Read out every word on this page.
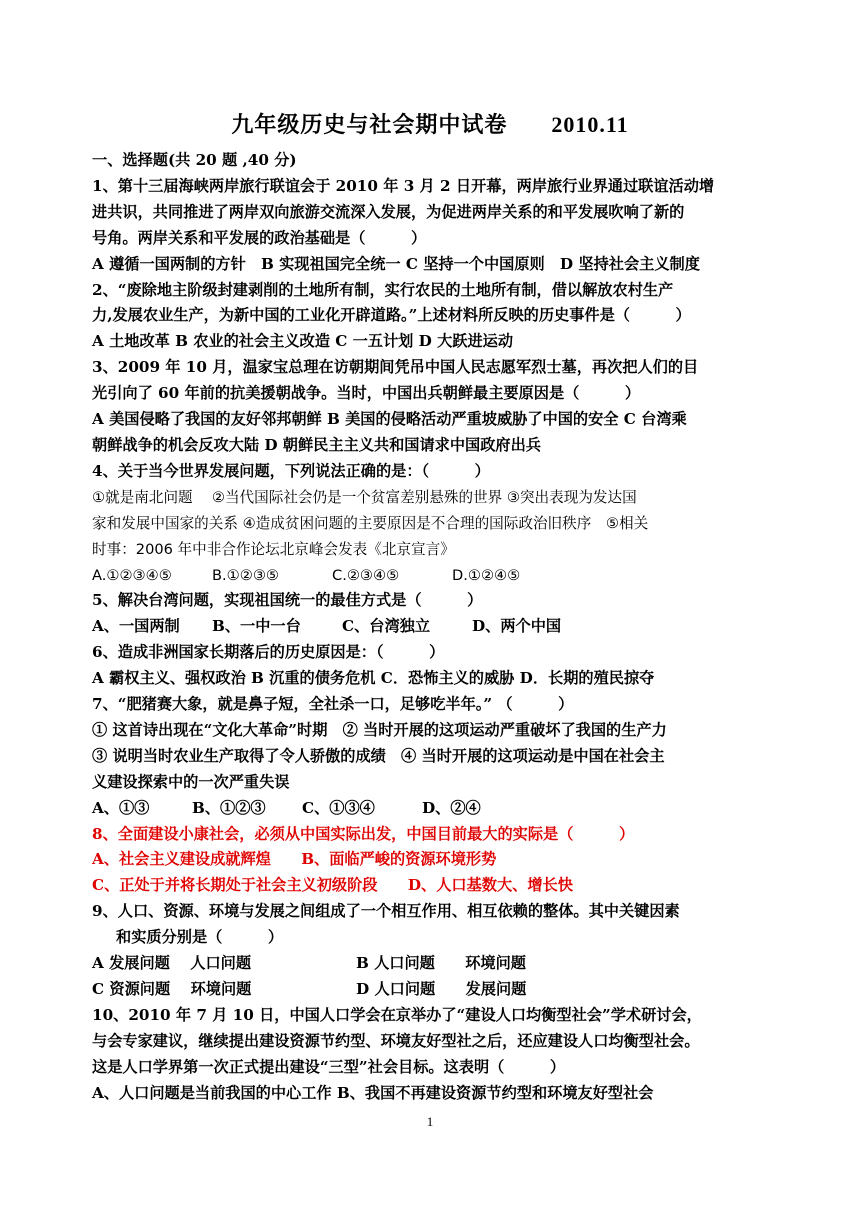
九年级历史与社会期中试卷 2010.11

一、选择题(共 20 题 ,40 分)

1、第十三届海峡两岸旅行联谊会于 2010 年 3 月 2 日开幕，两岸旅行业界通过联谊活动增

进共识，共同推进了两岸双向旅游交流深入发展，为促进两岸关系的和平发展吹响了新的

号角。两岸关系和平发展的政治基础是（　　　）

A 遵循一国两制的方针　B 实现祖国完全统一 C 坚持一个中国原则　D 坚持社会主义制度

2、“废除地主阶级封建剥削的土地所有制，实行农民的土地所有制，借以解放农村生产

力,发展农业生产，为新中国的工业化开辟道路。”上述材料所反映的历史事件是（　　　）

A 土地改革 B 农业的社会主义改造 C 一五计划 D 大跃进运动

3、2009 年 10 月，温家宝总理在访朝期间凭吊中国人民志愿军烈士墓，再次把人们的目

光引向了 60 年前的抗美援朝战争。当时，中国出兵朝鲜最主要原因是（　　　）

A 美国侵略了我国的友好邻邦朝鲜 B 美国的侵略活动严重坡威胁了中国的安全 C 台湾乘

朝鲜战争的机会反攻大陆 D 朝鲜民主主义共和国请求中国政府出兵

4、关于当今世界发展问题，下列说法正确的是：（　　　）

①就是南北问题　 ②当代国际社会仍是一个贫富差别悬殊的世界 ③突出表现为发达国

家和发展中国家的关系 ④造成贫困问题的主要原因是不合理的国际政治旧秩序　⑤相关

时事：2006 年中非合作论坛北京峰会发表《北京宣言》

A.①②③④⑤	B.①②③⑤	C.②③④⑤	D.①②④⑤

5、解决台湾问题，实现祖国统一的最佳方式是（　　　）

A、一国两制 B、一中一台	C、台湾独立	D、两个中国

6、造成非洲国家长期落后的历史原因是：（　　　）

A 霸权主义、强权政治 B 沉重的债务危机 C．恐怖主义的威胁 D．长期的殖民掠夺

7、“肥猪赛大象，就是鼻子短，全社杀一口，足够吃半年。” （　　　）

① 这首诗出现在“文化大革命”时期　② 当时开展的这项运动严重破坏了我国的生产力

③ 说明当时农业生产取得了令人骄傲的成绩　④ 当时开展的这项运动是中国在社会主

义建设探索中的一次严重失误

A、①③	B、①②③ C、①③④	D、②④

8、全面建设小康社会，必须从中国实际出发，中国目前最大的实际是（　　　）

A、社会主义建设成就辉煌　　B、面临严峻的资源环境形势

C、正处于并将长期处于社会主义初级阶段　　D、人口基数大、增长快

9、人口、资源、环境与发展之间组成了一个相互作用、相互依赖的整体。其中关键因素

和实质分别是（　　　）

A 发展问题　 人口问题	B 人口问题　　环境问题

C 资源问题　 环境问题	D 人口问题　　发展问题

10、2010 年 7 月 10 日，中国人口学会在京举办了“建设人口均衡型社会”学术研讨会，

与会专家建议，继续提出建设资源节约型、环境友好型社之后，还应建设人口均衡型社会。

这是人口学界第一次正式提出建设“三型”社会目标。这表明（　　　）

A、人口问题是当前我国的中心工作 B、我国不再建设资源节约型和环境友好型社会

1
